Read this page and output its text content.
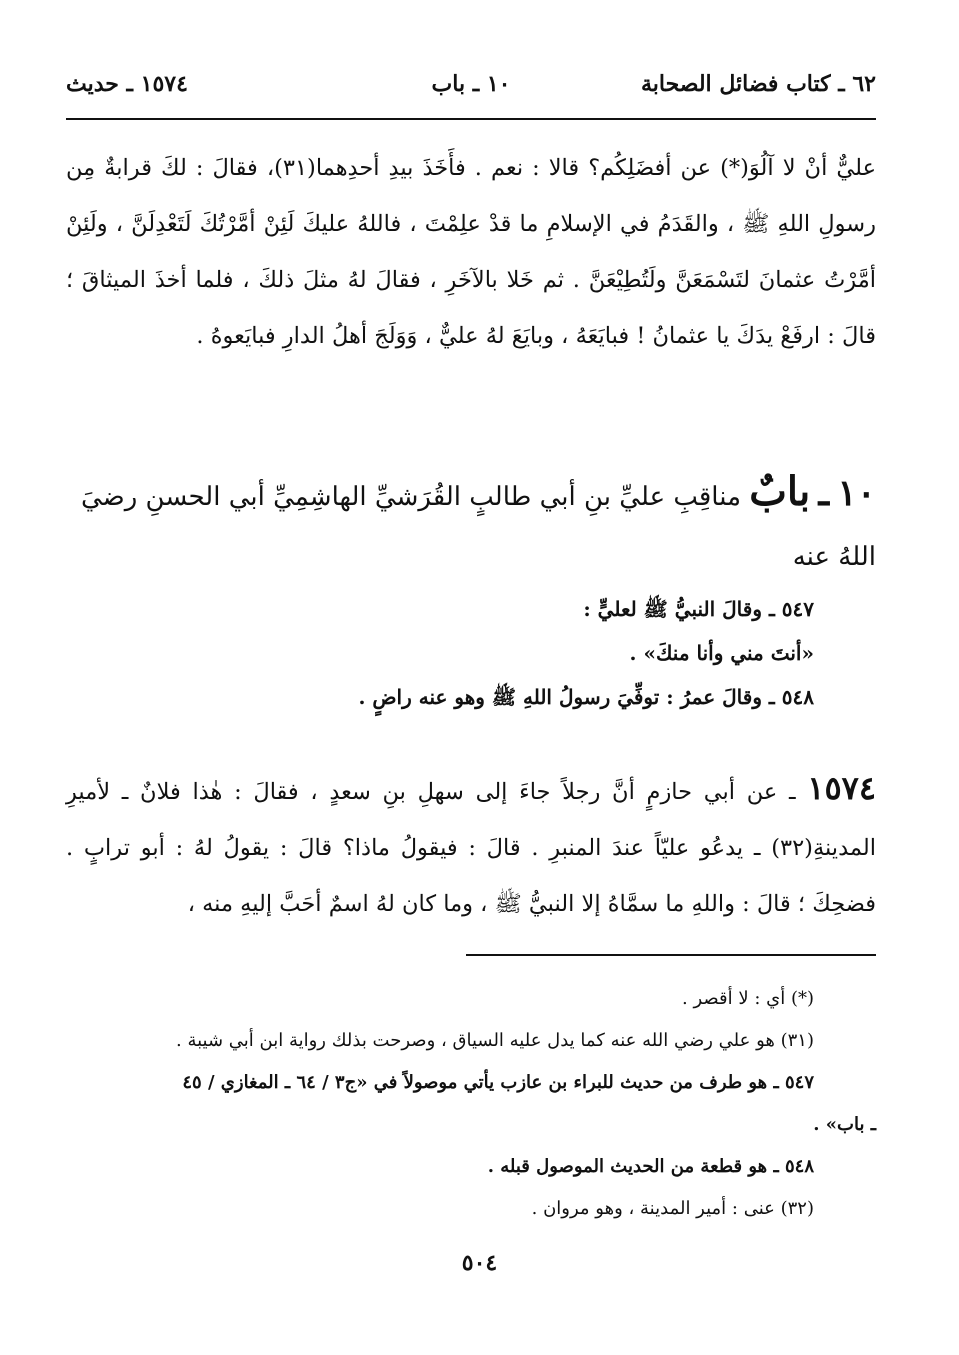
٦٢ ـ كتاب فضائل الصحابة
١٠ ـ باب
١٥٧٤ ـ حديث
عليٌّ أنْ لا آلُوَ(*) عن أفضَلِكُم؟ قالا : نعم . فأَخَذَ بيدِ أحدِهما(٣١)، فقالَ : لكَ قرابةٌ مِن رسولِ اللهِ ﷺ ، والقَدَمُ في الإسلامِ ما قدْ علِمْتَ ، فاللهُ عليكَ لَئِنْ أمَّرْتُكَ لَتَعْدِلَنَّ ، ولَئِنْ أمَّرْتُ عثمانَ لتَسْمَعَنَّ ولَتُطِيْعَنَّ . ثم خَلا بالآخَرِ ، فقالَ لهُ مثلَ ذلكَ ، فلما أخذَ الميثاقَ ؛ قالَ : ارفَعْ يدَكَ يا عثمانُ ! فبايَعَهُ ، وبايَعَ لهُ عليٌّ ، وَوَلَجَ أهلُ الدارِ فبايَعوهُ .
١٠ ـ بابٌ مناقِبِ عليِّ بنِ أبي طالبٍ القُرَشيِّ الهاشِمِيِّ أبي الحسنِ رضيَ اللهُ عنه
٥٤٧ ـ وقالَ النبيُّ ﷺ لعليٍّ :
«أنتَ مني وأنا منكَ» .
٥٤٨ ـ وقالَ عمرُ : توفِّيَ رسولُ اللهِ ﷺ وهو عنه راضٍ .
١٥٧٤ ـ عن أبي حازمٍ أنَّ رجلاً جاءَ إلى سهلِ بنِ سعدٍ ، فقالَ : هٰذا فلانٌ ـ لأميرِ المدينةِ(٣٢) ـ يدعُو عليّاً عندَ المنبرِ . قالَ : فيقولُ ماذا؟ قالَ : يقولُ لهُ : أبو ترابٍ . فضحِكَ ؛ قالَ : واللهِ ما سمَّاهُ إلا النبيُّ ﷺ ، وما كان لهُ اسمٌ أحَبَّ إليهِ منه ،

(*) أي : لا أقصر .

(٣١) هو علي رضي الله عنه كما يدل عليه السياق ، وصرحت بذلك رواية ابن أبي شيبة .

٥٤٧ ـ هو طرف من حديث للبراء بن عازب يأتي موصولاً في «ج٣ / ٦٤ ـ المغازي / ٤٥

ـ باب» .

٥٤٨ ـ هو قطعة من الحديث الموصول قبله .

(٣٢) عنى : أمير المدينة ، وهو مروان .

٥٠٤
